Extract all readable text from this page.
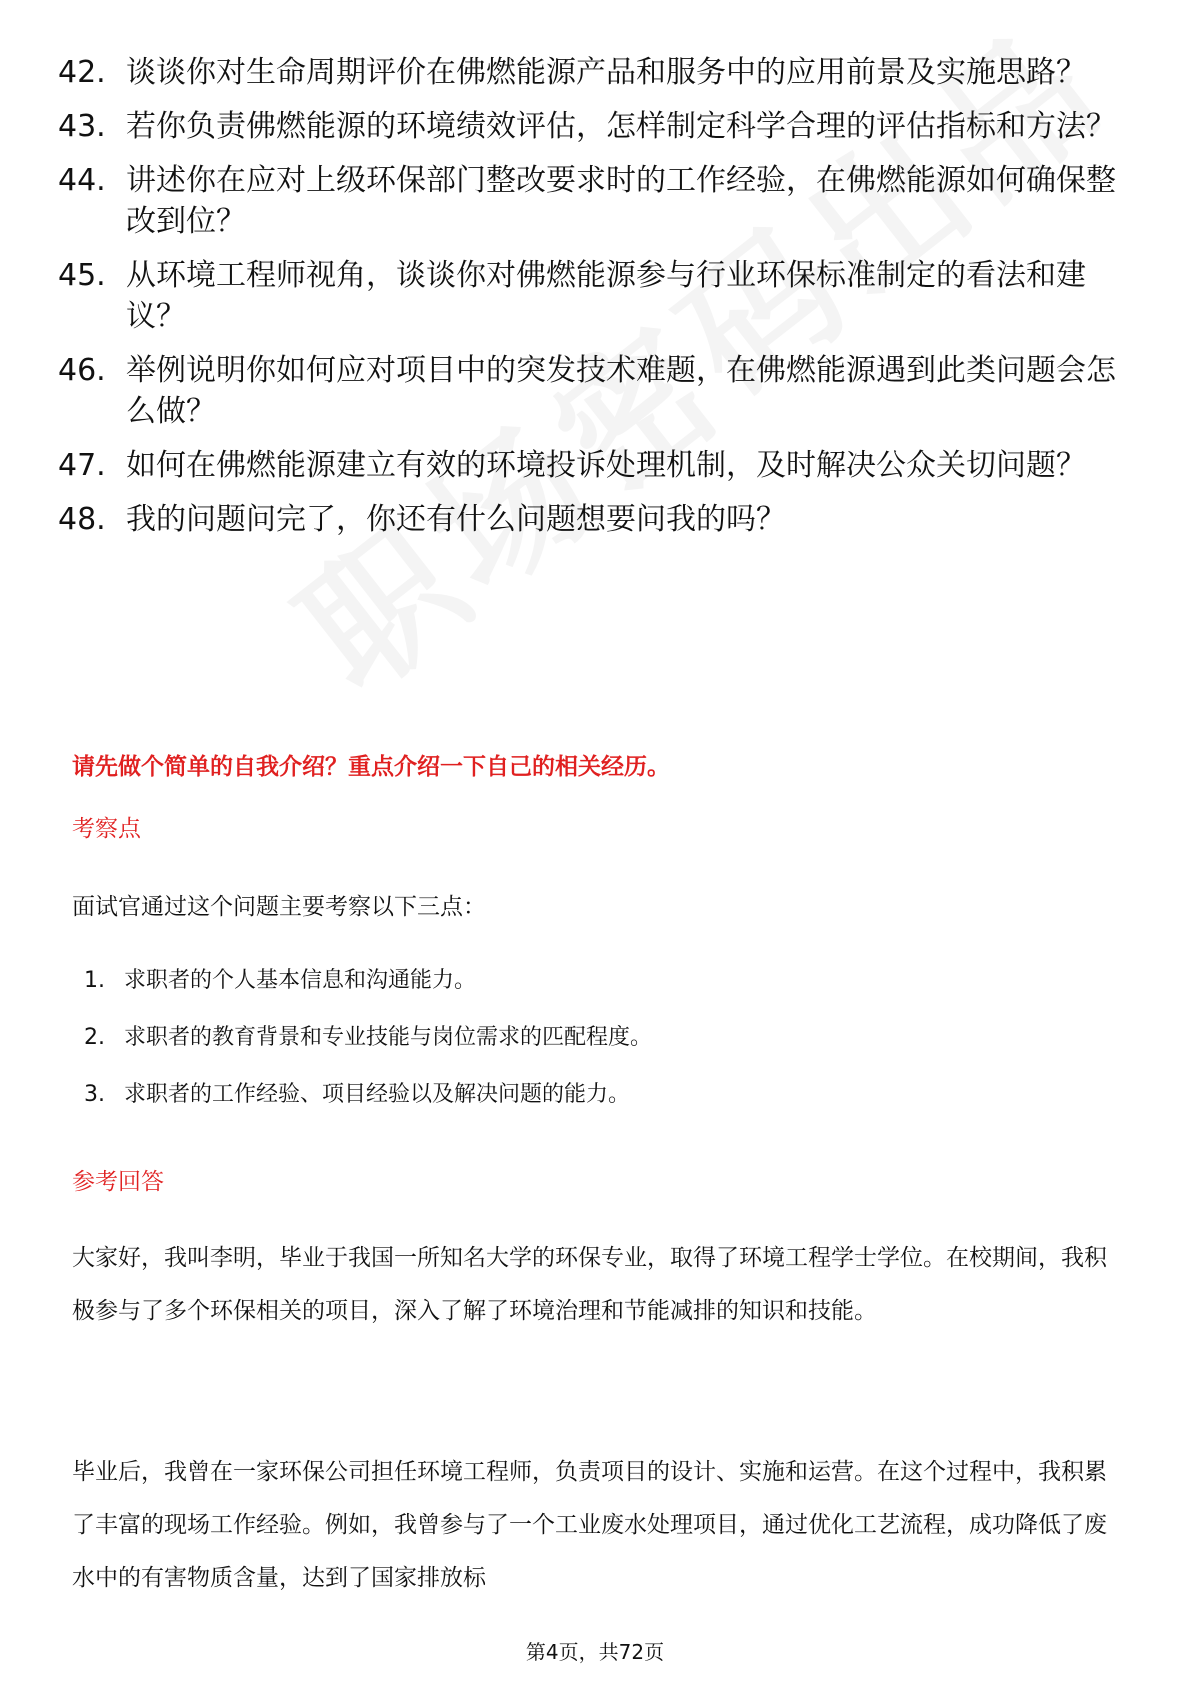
42. 谈谈你对生命周期评价在佛燃能源产品和服务中的应用前景及实施思路？
43. 若你负责佛燃能源的环境绩效评估，怎样制定科学合理的评估指标和方法？
44. 讲述你在应对上级环保部门整改要求时的工作经验，在佛燃能源如何确保整改到位？
45. 从环境工程师视角，谈谈你对佛燃能源参与行业环保标准制定的看法和建议？
46. 举例说明你如何应对项目中的突发技术难题，在佛燃能源遇到此类问题会怎么做？
47. 如何在佛燃能源建立有效的环境投诉处理机制，及时解决公众关切问题？
48. 我的问题问完了，你还有什么问题想要问我的吗？
请先做个简单的自我介绍？重点介绍一下自己的相关经历。
考察点
面试官通过这个问题主要考察以下三点：
1. 求职者的个人基本信息和沟通能力。
2. 求职者的教育背景和专业技能与岗位需求的匹配程度。
3. 求职者的工作经验、项目经验以及解决问题的能力。
参考回答
大家好，我叫李明，毕业于我国一所知名大学的环保专业，取得了环境工程学士学位。在校期间，我积极参与了多个环保相关的项目，深入了解了环境治理和节能减排的知识和技能。
毕业后，我曾在一家环保公司担任环境工程师，负责项目的设计、实施和运营。在这个过程中，我积累了丰富的现场工作经验。例如，我曾参与了一个工业废水处理项目，通过优化工艺流程，成功降低了废水中的有害物质含量，达到了国家排放标
第4页，共72页
